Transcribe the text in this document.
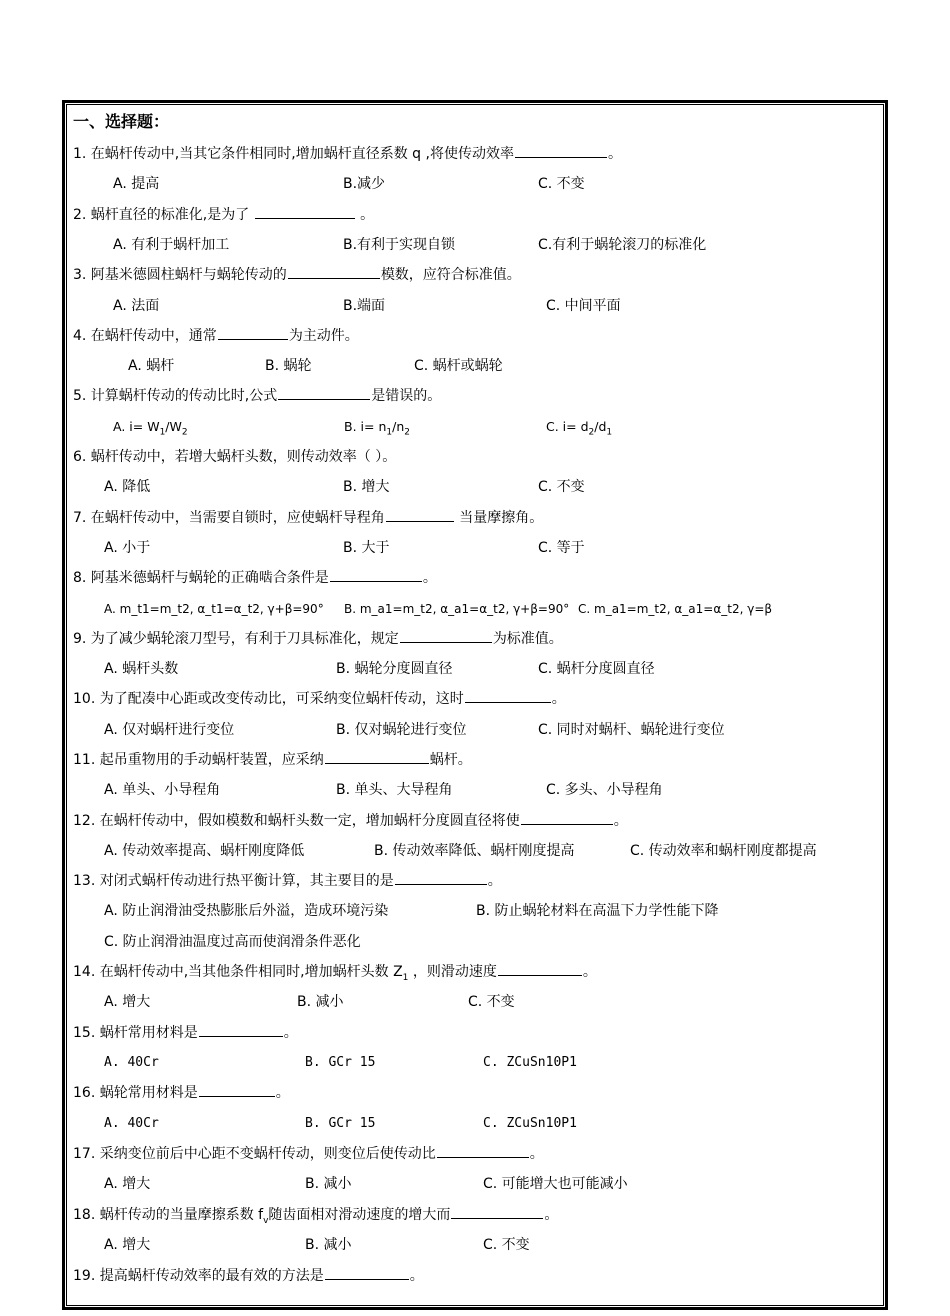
一、选择题：
1. 在蜗杆传动中,当其它条件相同时,增加蜗杆直径系数 q ,将使传动效率	。
A. 提高	B.减少	C. 不变
2. 蜗杆直径的标准化,是为了	。
A. 有利于蜗杆加工	B.有利于实现自锁	C.有利于蜗轮滚刀的标准化
3. 阿基米德圆柱蜗杆与蜗轮传动的	模数，应符合标准值。
A. 法面	B.端面	C. 中间平面
4. 在蜗杆传动中，通常	为主动件。
A. 蜗杆	B. 蜗轮	C. 蜗杆或蜗轮
5. 计算蜗杆传动的传动比时,公式	是错误的。
A. $i= W_1/W_2$	B. $i= n_1/n_2$	C. $i= d_2/d_1$
6. 蜗杆传动中，若增大蜗杆头数，则传动效率（ ）。
A. 降低	B. 增大	C. 不变
7. 在蜗杆传动中，当需要自锁时，应使蜗杆导程角	当量摩擦角。
A. 小于	B. 大于	C. 等于
8. 阿基米德蜗杆与蜗轮的正确啮合条件是	。
A. m_t1=m_t2, α_t1=α_t2, γ+β=90° B. m_a1=m_t2, α_a1=α_t2, γ+β=90° C. m_a1=m_t2, α_a1=α_t2, γ=β
9. 为了减少蜗轮滚刀型号，有利于刀具标准化，规定	为标准值。
A. 蜗杆头数	B. 蜗轮分度圆直径	C. 蜗杆分度圆直径
10. 为了配凑中心距或改变传动比，可采纳变位蜗杆传动，这时	。
A. 仅对蜗杆进行变位	B. 仅对蜗轮进行变位	C. 同时对蜗杆、蜗轮进行变位
11. 起吊重物用的手动蜗杆装置，应采纳	蜗杆。
A. 单头、小导程角	B. 单头、大导程角	C. 多头、小导程角
12. 在蜗杆传动中，假如模数和蜗杆头数一定，增加蜗杆分度圆直径将使	。
A. 传动效率提高、蜗杆刚度降低	B. 传动效率降低、蜗杆刚度提高	C. 传动效率和蜗杆刚度都提高
13. 对闭式蜗杆传动进行热平衡计算，其主要目的是	。
A. 防止润滑油受热膨胀后外溢，造成环境污染	B. 防止蜗轮材料在高温下力学性能下降
C. 防止润滑油温度过高而使润滑条件恶化
14. 在蜗杆传动中,当其他条件相同时,增加蜗杆头数 $Z_1$ ，则滑动速度	。
A. 增大	B. 减小	C. 不变
15. 蜗杆常用材料是	。
A. 40Cr	B. GCr 15	C. ZCuSn10P1
16. 蜗轮常用材料是	。
A. 40Cr	B. GCr 15	C. ZCuSn10P1
17. 采纳变位前后中心距不变蜗杆传动，则变位后使传动比	。
A. 增大	B. 减小	C. 可能增大也可能减小
18. 蜗杆传动的当量摩擦系数 $f_v$随齿面相对滑动速度的增大而	。
A. 增大	B. 减小	C. 不变
19. 提高蜗杆传动效率的最有效的方法是	。
